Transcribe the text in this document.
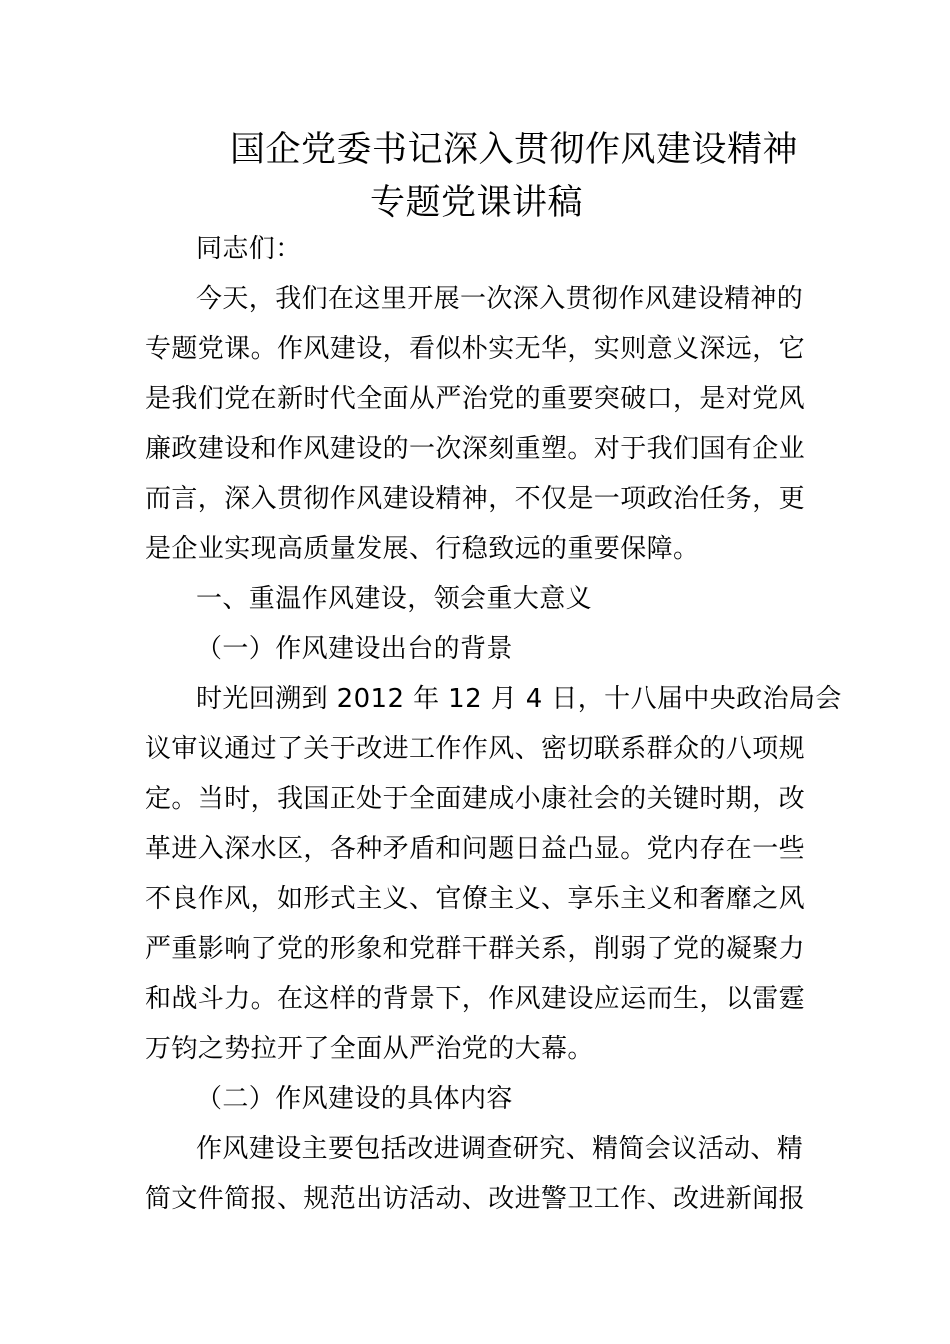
国企党委书记深入贯彻作风建设精神
专题党课讲稿
同志们：
今天，我们在这里开展一次深入贯彻作风建设精神的
专题党课。作风建设，看似朴实无华，实则意义深远，它
是我们党在新时代全面从严治党的重要突破口，是对党风
廉政建设和作风建设的一次深刻重塑。对于我们国有企业
而言，深入贯彻作风建设精神，不仅是一项政治任务，更
是企业实现高质量发展、行稳致远的重要保障。
一、重温作风建设，领会重大意义
（一）作风建设出台的背景
时光回溯到 2012 年 12 月 4 日，十八届中央政治局会
议审议通过了关于改进工作作风、密切联系群众的八项规
定。当时，我国正处于全面建成小康社会的关键时期，改
革进入深水区，各种矛盾和问题日益凸显。党内存在一些
不良作风，如形式主义、官僚主义、享乐主义和奢靡之风
严重影响了党的形象和党群干群关系，削弱了党的凝聚力
和战斗力。在这样的背景下，作风建设应运而生，以雷霆
万钧之势拉开了全面从严治党的大幕。
（二）作风建设的具体内容
作风建设主要包括改进调查研究、精简会议活动、精
简文件简报、规范出访活动、改进警卫工作、改进新闻报
